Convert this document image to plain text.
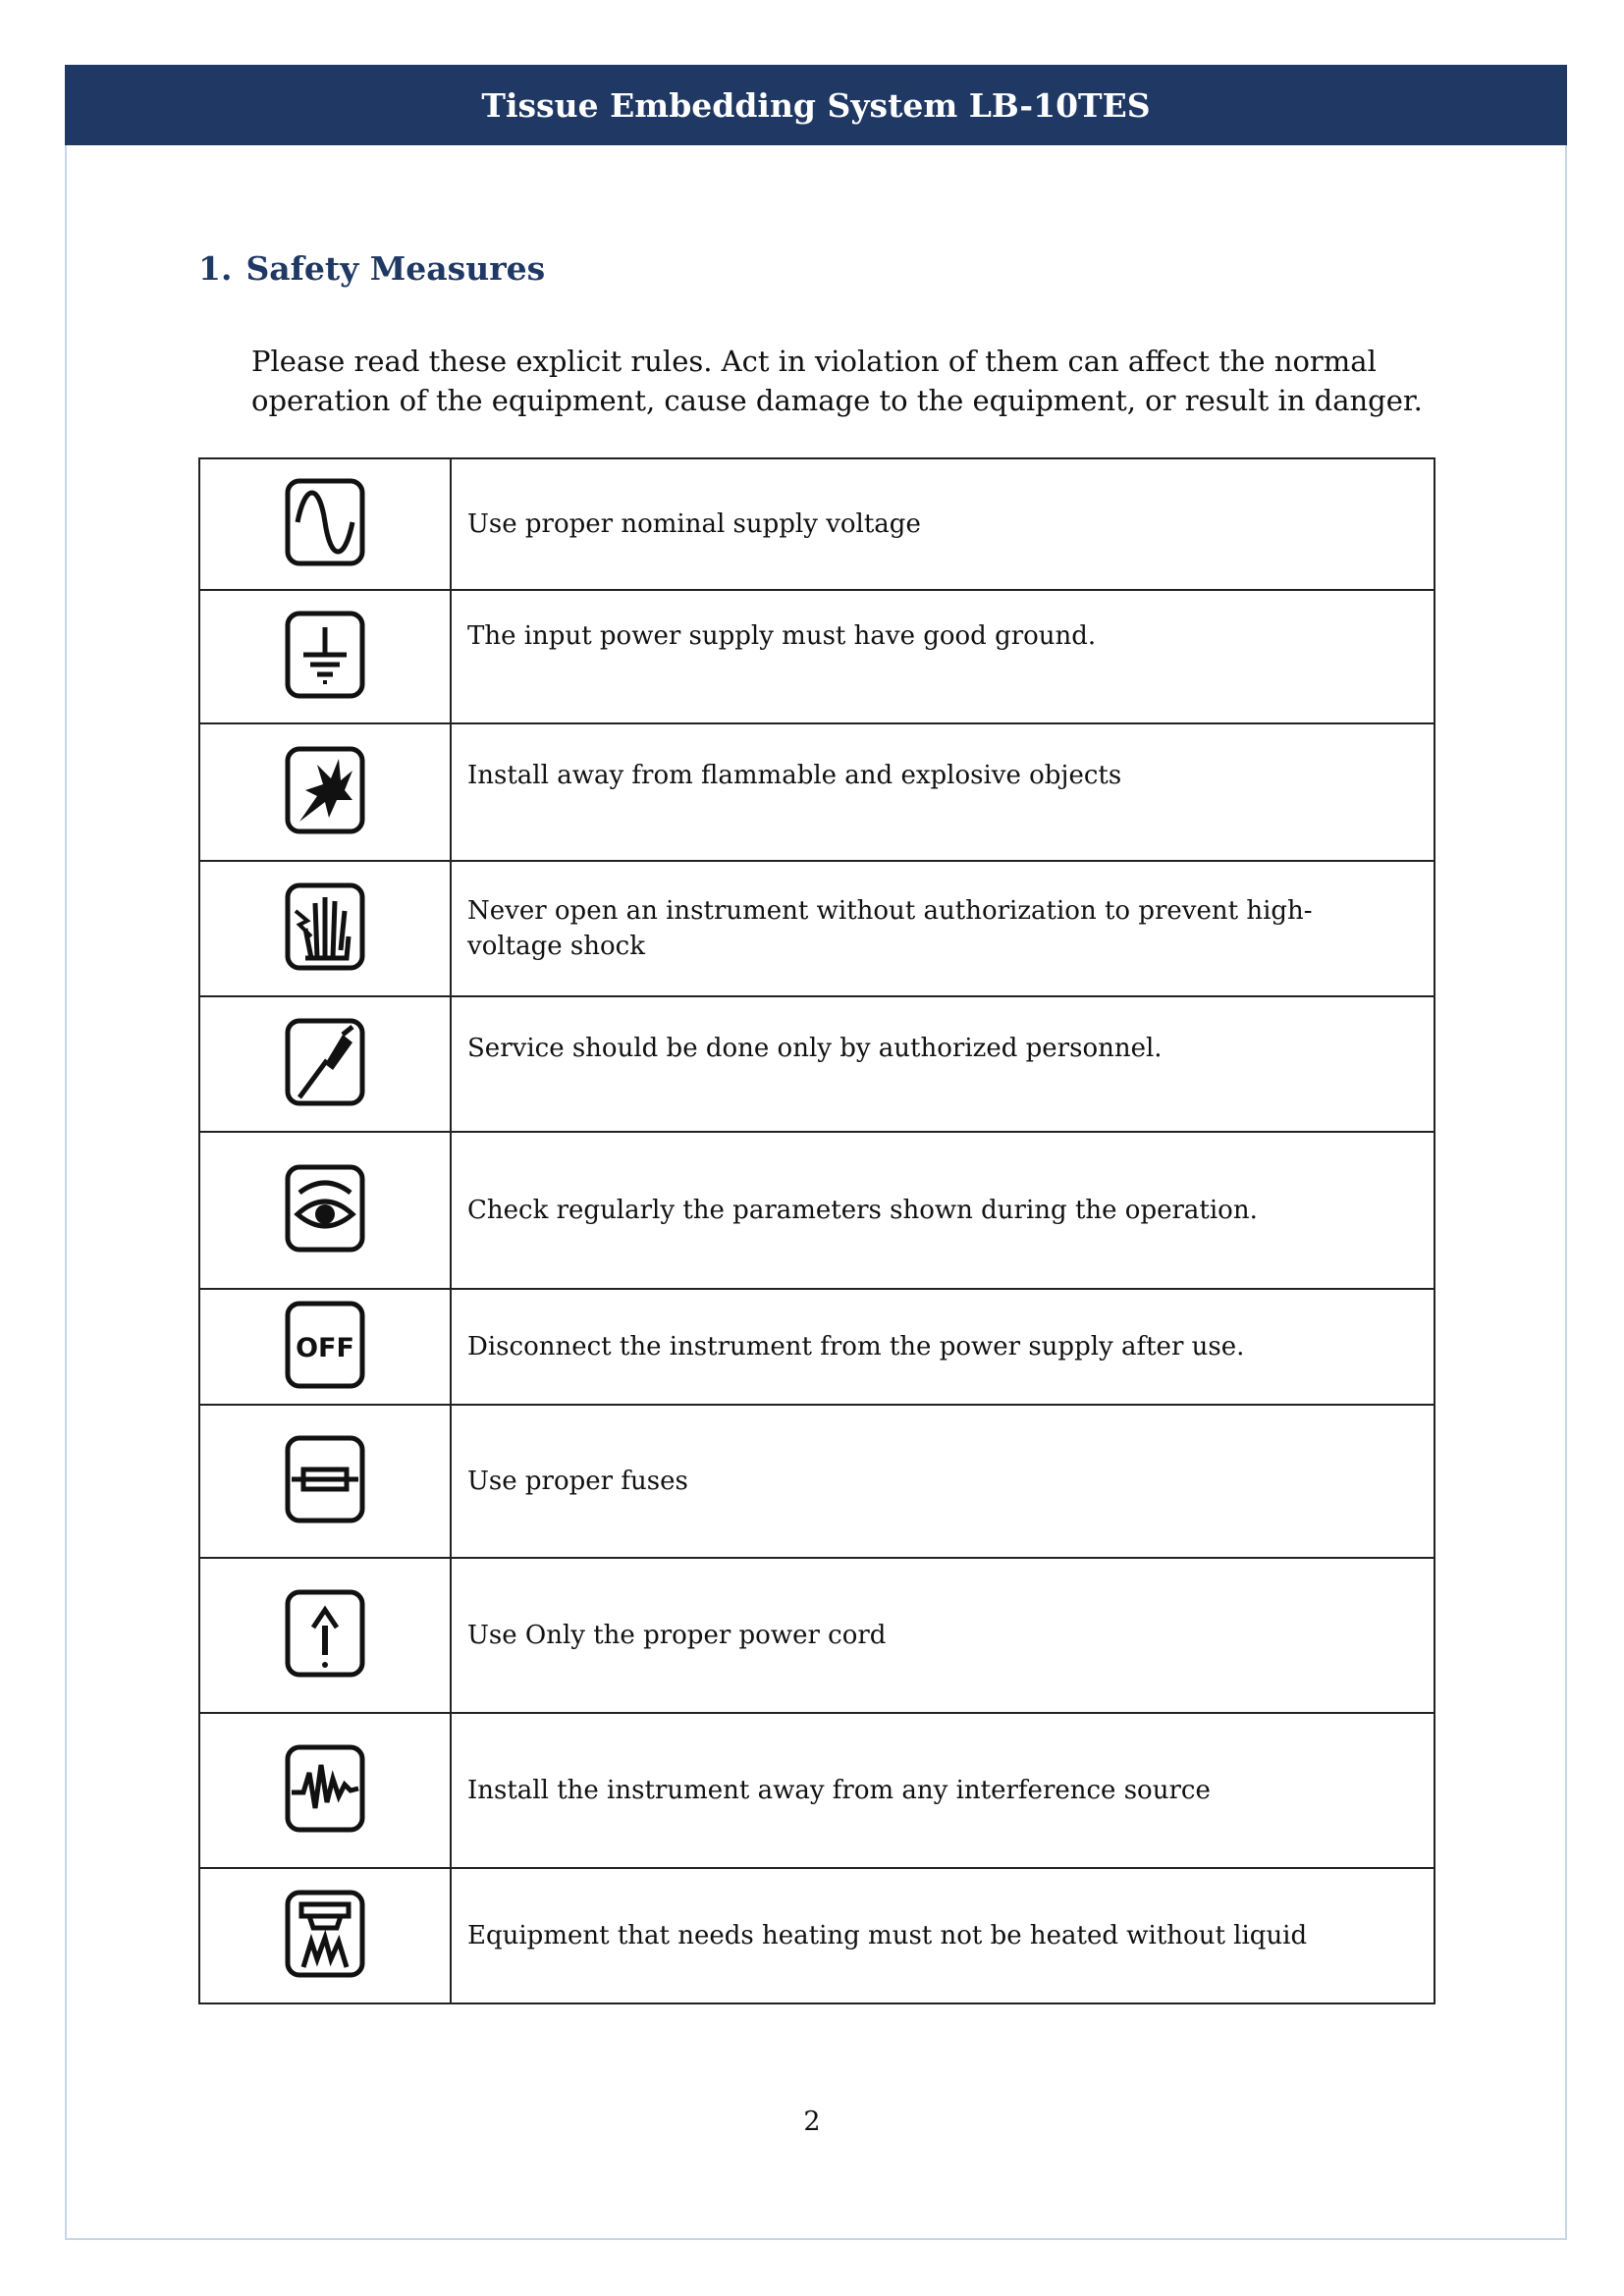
Tissue Embedding System LB-10TES
1. Safety Measures
Please read these explicit rules. Act in violation of them can affect the normal operation of the equipment, cause damage to the equipment, or result in danger.
	Use proper nominal supply voltage

	The input power supply must have good ground.

	Install away from flammable and explosive objects

	Never open an instrument without authorization to prevent high-voltage shock

	Service should be done only by authorized personnel.

	Check regularly the parameters shown during the operation.

OFF	Disconnect the instrument from the power supply after use.

	Use proper fuses

	Use Only the proper power cord

	Install the instrument away from any interference source

	Equipment that needs heating must not be heated without liquid
2
